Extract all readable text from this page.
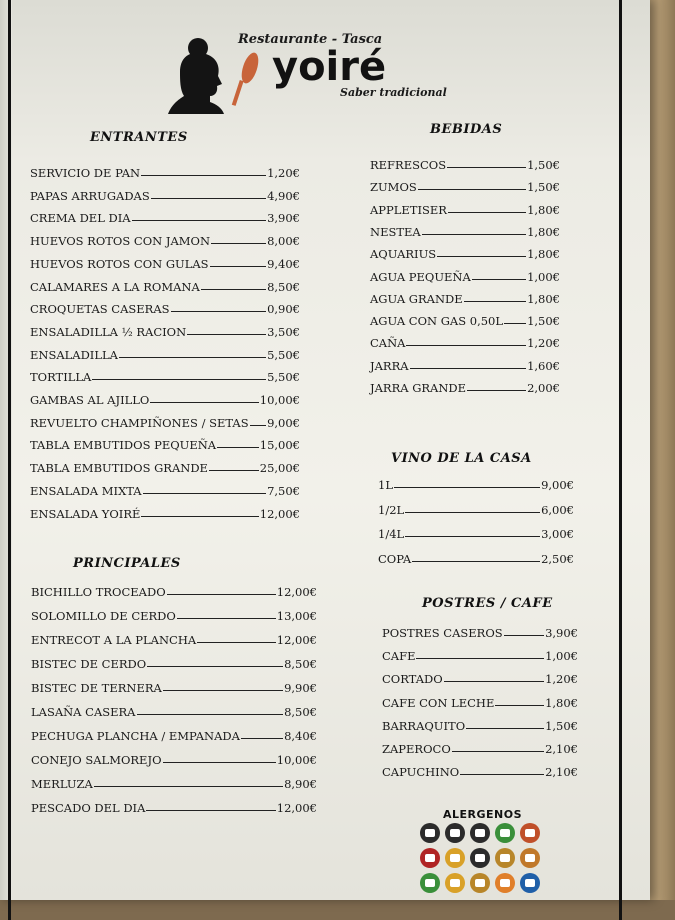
Restaurante - Tasca
yoiré
Saber tradicional
ENTRANTES
PRINCIPALES
BEBIDAS
VINO DE LA CASA
POSTRES / CAFE
SERVICIO DE PAN	1,20€
PAPAS ARRUGADAS	4,90€
CREMA DEL DIA	3,90€
HUEVOS ROTOS CON JAMON	8,00€
HUEVOS ROTOS CON GULAS	9,40€
CALAMARES A LA ROMANA	8,50€
CROQUETAS CASERAS	0,90€
ENSALADILLA ½ RACION	3,50€
ENSALADILLA	5,50€
TORTILLA	5,50€
GAMBAS AL AJILLO	10,00€
REVUELTO CHAMPIÑONES / SETAS 9,00€
TABLA EMBUTIDOS PEQUEÑA	15,00€
TABLA EMBUTIDOS GRANDE	25,00€
ENSALADA MIXTA	7,50€
ENSALADA YOIRÉ	12,00€
BICHILLO TROCEADO	12,00€
SOLOMILLO DE CERDO	13,00€
ENTRECOT A LA PLANCHA	12,00€
BISTEC DE CERDO	8,50€
BISTEC DE TERNERA	9,90€
LASAÑA CASERA	8,50€
PECHUGA PLANCHA / EMPANADA	8,40€
CONEJO SALMOREJO	10,00€
MERLUZA	8,90€
PESCADO DEL DIA	12,00€
REFRESCOS	1,50€
ZUMOS	1,50€
APPLETISER	1,80€
NESTEA	1,80€
AQUARIUS	1,80€
AGUA PEQUEÑA	1,00€
AGUA GRANDE	1,80€
AGUA CON GAS 0,50L 1,50€
CAÑA	1,20€
JARRA	1,60€
JARRA GRANDE	2,00€
1L	9,00€
1/2L	6,00€
1/4L	3,00€
COPA	2,50€
POSTRES CASEROS	3,90€
CAFE	1,00€
CORTADO	1,20€
CAFE CON LECHE	1,80€
BARRAQUITO	1,50€
ZAPEROCO	2,10€
CAPUCHINO	2,10€
ALERGENOS
